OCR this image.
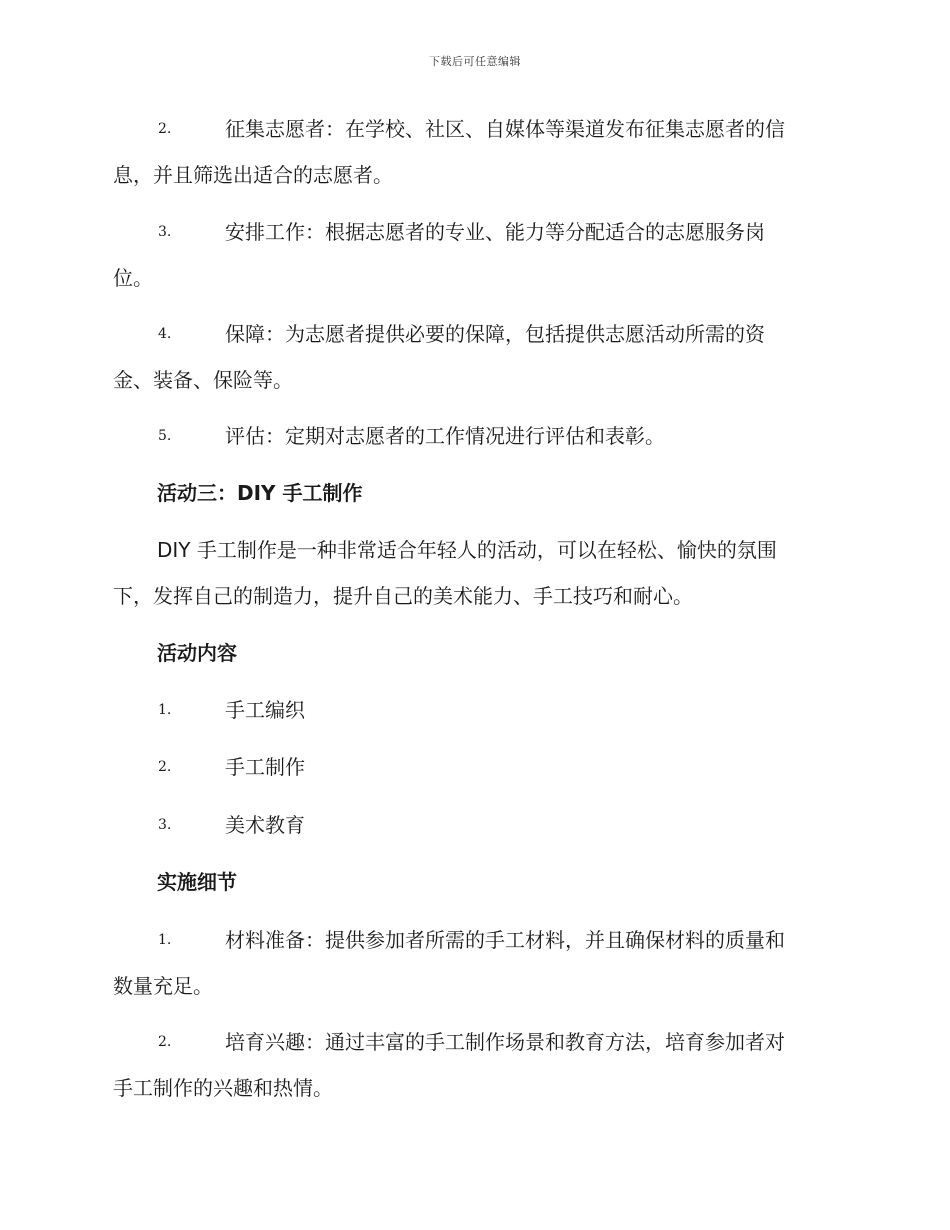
下载后可任意编辑
2.	征集志愿者：在学校、社区、自媒体等渠道发布征集志愿者的信
息，并且筛选出适合的志愿者。
3.	安排工作：根据志愿者的专业、能力等分配适合的志愿服务岗
位。
4.	保障：为志愿者提供必要的保障，包括提供志愿活动所需的资
金、装备、保险等。
5.	评估：定期对志愿者的工作情况进行评估和表彰。
活动三：DIY 手工制作
DIY 手工制作是一种非常适合年轻人的活动，可以在轻松、愉快的氛围
下，发挥自己的制造力，提升自己的美术能力、手工技巧和耐心。
活动内容
1.	手工编织
2.	手工制作
3.	美术教育
实施细节
1.	材料准备：提供参加者所需的手工材料，并且确保材料的质量和
数量充足。
2.	培育兴趣：通过丰富的手工制作场景和教育方法，培育参加者对
手工制作的兴趣和热情。
